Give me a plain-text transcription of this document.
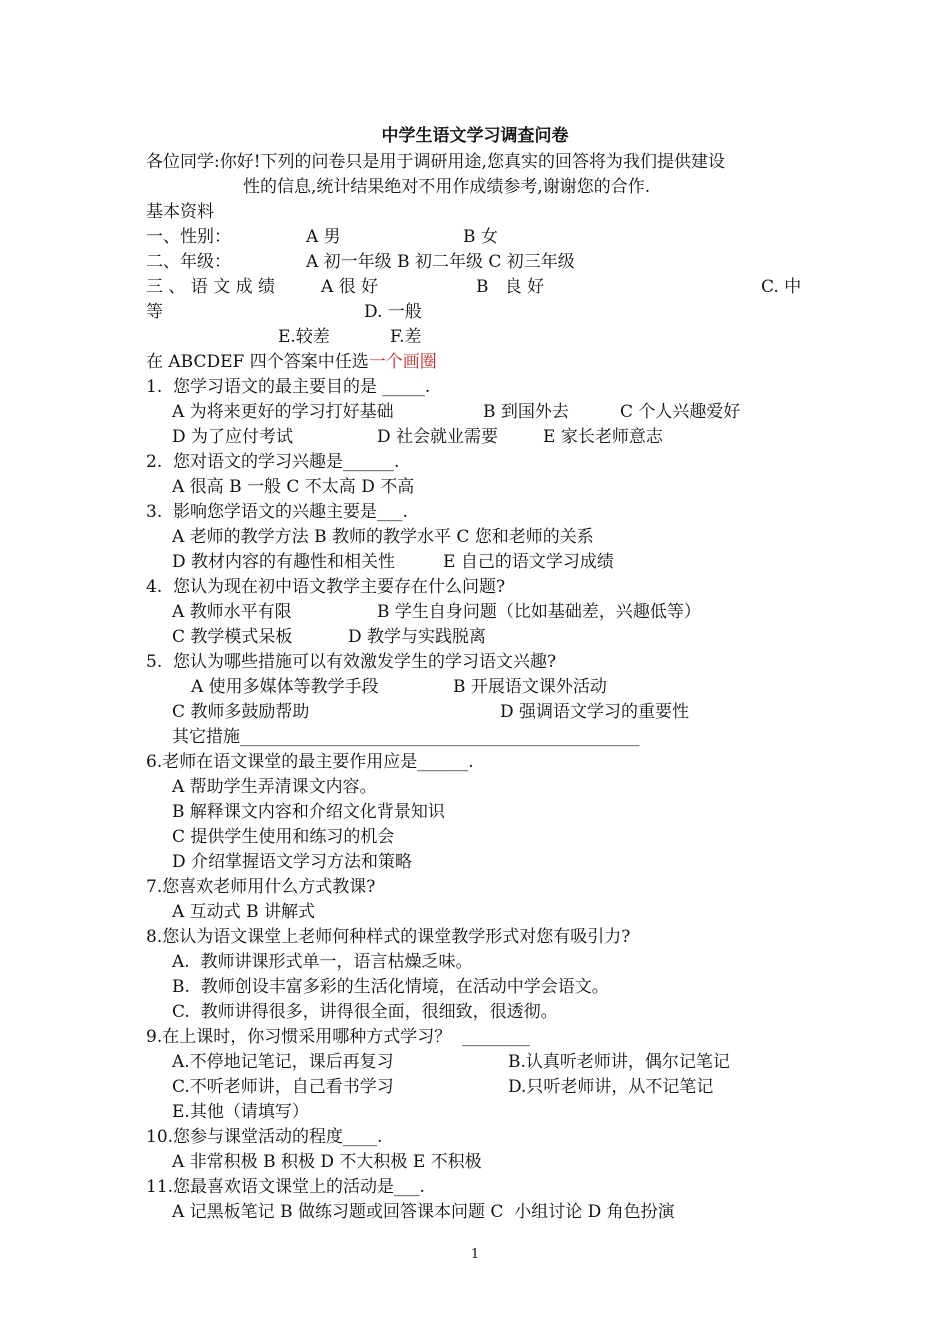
中学生语文学习调查问卷
各位同学:你好!下列的问卷只是用于调研用途,您真实的回答将为我们提供建设
性的信息,统计结果绝对不用作成绩参考,谢谢您的合作.
基本资料
一、性别：	A 男	B 女
二、年级：	A 初一年级 B 初二年级 C 初三年级
三 、 语 文 成 绩	A 很 好	B   良 好	C. 中
等	D. 一般
E.较差	F.差
在 ABCDEF 四个答案中任选一个画圈
1.  您学习语文的最主要目的是 _____.
A 为将来更好的学习打好基础	B 到国外去	C 个人兴趣爱好
D 为了应付考试	D 社会就业需要	E 家长老师意志
2.  您对语文的学习兴趣是______.
A 很高 B 一般 C 不太高 D 不高
3.  影响您学语文的兴趣主要是___.
A 老师的教学方法 B 教师的教学水平 C 您和老师的关系
D 教材内容的有趣性和相关性	E 自己的语文学习成绩
4.  您认为现在初中语文教学主要存在什么问题?
A 教师水平有限	B 学生自身问题（比如基础差，兴趣低等）
C 教学模式呆板	D 教学与实践脱离
5.  您认为哪些措施可以有效激发学生的学习语文兴趣?
A 使用多媒体等教学手段	B 开展语文课外活动
C 教师多鼓励帮助	D 强调语文学习的重要性
其它措施_______________________________________________
6.老师在语文课堂的最主要作用应是______.
A 帮助学生弄清课文内容。
B 解释课文内容和介绍文化背景知识
C 提供学生使用和练习的机会
D 介绍掌握语文学习方法和策略
7.您喜欢老师用什么方式教课?
A 互动式 B 讲解式
8.您认为语文课堂上老师何种样式的课堂教学形式对您有吸引力?
A.  教师讲课形式单一，语言枯燥乏味。
B.  教师创设丰富多彩的生活化情境，在活动中学会语文。
C.  教师讲得很多，讲得很全面，很细致，很透彻。
9.在上课时，你习惯采用哪种方式学习？  ________
A.不停地记笔记，课后再复习	B.认真听老师讲，偶尔记笔记
C.不听老师讲，自己看书学习	D.只听老师讲，从不记笔记
E.其他（请填写）
10.您参与课堂活动的程度____.
A 非常积极 B 积极 D 不大积极 E 不积极
11.您最喜欢语文课堂上的活动是___.
A 记黑板笔记 B 做练习题或回答课本问题 C  小组讨论 D 角色扮演
1
